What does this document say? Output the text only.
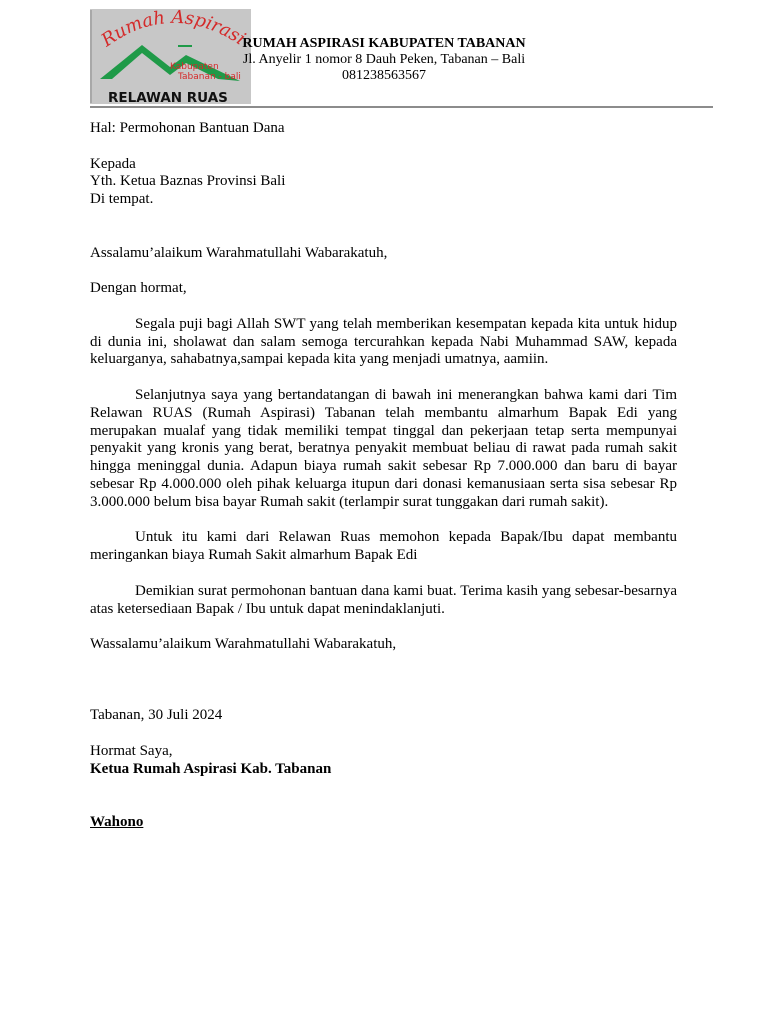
Rumah Aspirasi
Kabupaten
Tabanan - bali
RELAWAN RUAS
RUMAH ASPIRASI KABUPATEN TABANAN
Jl. Anyelir 1 nomor 8 Dauh Peken, Tabanan – Bali
081238563567

Hal: Permohonan Bantuan Dana

Kepada

Yth. Ketua Baznas Provinsi Bali

Di tempat.

Assalamu’alaikum Warahmatullahi Wabarakatuh,

Dengan hormat,

Segala puji bagi Allah SWT yang telah memberikan kesempatan kepada kita untuk hidup di dunia ini, sholawat dan salam semoga tercurahkan kepada Nabi Muhammad SAW, kepada keluarganya, sahabatnya,sampai kepada kita yang menjadi umatnya, aamiin.

Selanjutnya saya yang bertandatangan di bawah ini menerangkan bahwa kami dari Tim Relawan RUAS (Rumah Aspirasi) Tabanan telah membantu almarhum Bapak Edi yang merupakan mualaf yang tidak memiliki tempat tinggal dan pekerjaan tetap serta mempunyai penyakit yang kronis yang berat, beratnya penyakit membuat beliau di rawat pada rumah sakit hingga meninggal dunia. Adapun biaya rumah sakit sebesar Rp 7.000.000 dan baru di bayar sebesar Rp 4.000.000 oleh pihak keluarga itupun dari donasi kemanusiaan serta sisa sebesar Rp 3.000.000 belum bisa bayar Rumah sakit (terlampir surat tunggakan dari rumah sakit).

Untuk itu kami dari Relawan Ruas memohon kepada Bapak/Ibu dapat membantu meringankan biaya Rumah Sakit almarhum Bapak Edi

Demikian surat permohonan bantuan dana kami buat. Terima kasih yang sebesar-besarnya atas ketersediaan Bapak / Ibu untuk dapat menindaklanjuti.

Wassalamu’alaikum Warahmatullahi Wabarakatuh,

Tabanan, 30 Juli 2024

Hormat Saya,

Ketua Rumah Aspirasi Kab. Tabanan

Wahono
